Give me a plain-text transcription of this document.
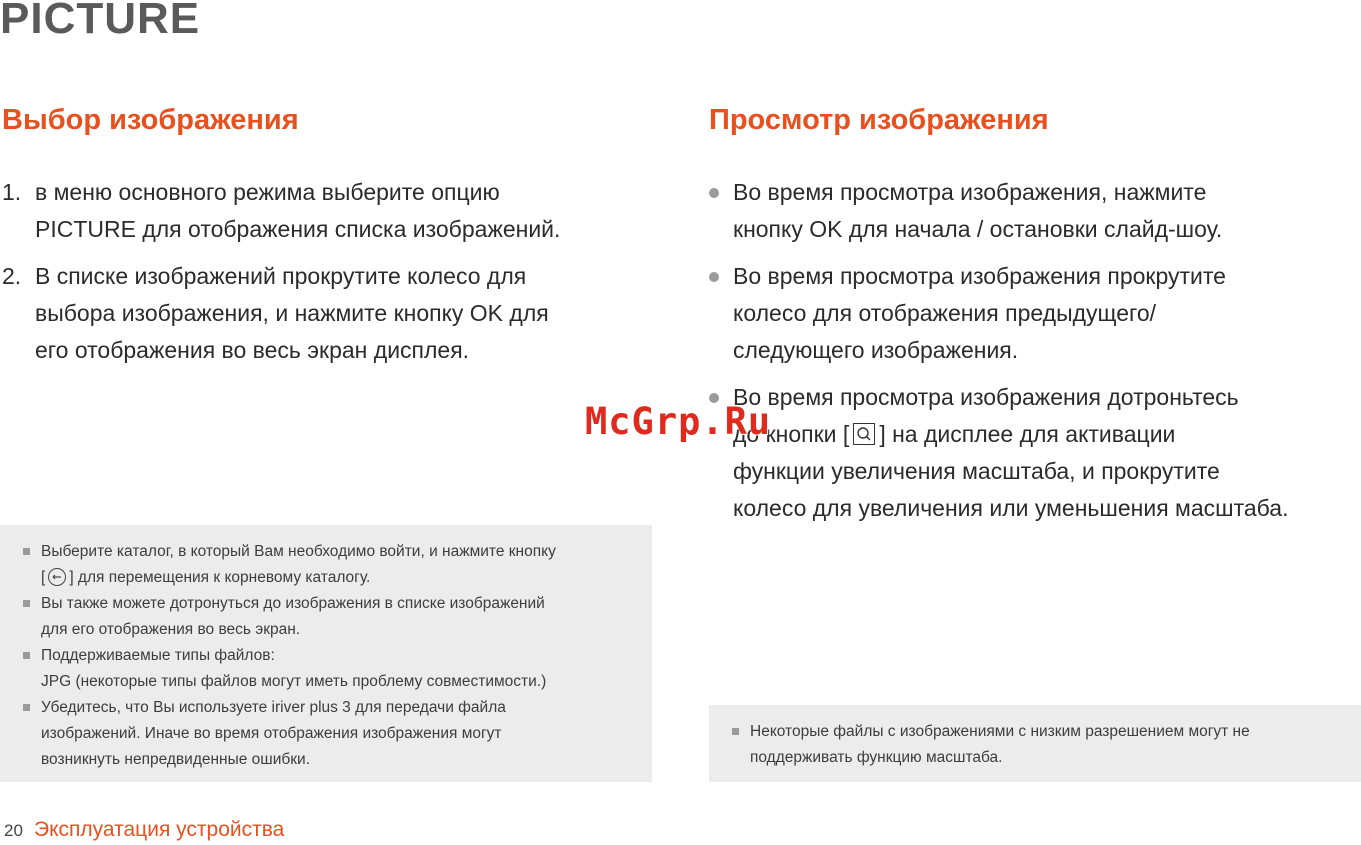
PICTURE
Выбор изображения
1. в меню основного режима выберите опцию
PICTURE для отображения списка изображений.
2. В списке изображений прокрутите колесо для
выбора изображения, и нажмите кнопку OK для
его отображения во весь экран дисплея.
Выберите каталог, в который Вам необходимо войти, и нажмите кнопку
[ ] для перемещения к корневому каталогу.
Вы также можете дотронуться до изображения в списке изображений
для его отображения во весь экран.
Поддерживаемые типы файлов:
JPG (некоторые типы файлов могут иметь проблему совместимости.)
Убедитесь, что Вы используете iriver plus 3 для передачи файла
изображений. Иначе во время отображения изображения могут
возникнуть непредвиденные ошибки.
Просмотр изображения
Во время просмотра изображения, нажмите
кнопку OK для начала / остановки слайд-шоу.
Во время просмотра изображения прокрутите
колесо для отображения предыдущего/
следующего изображения.
Во время просмотра изображения дотроньтесь
до кнопки [ ] на дисплее для активации
функции увеличения масштаба, и прокрутите
колесо для увеличения или уменьшения масштаба.
Некоторые файлы с изображениями с низким разрешением могут не
поддерживать функцию масштаба.
20 Эксплуатация устройства
McGrp.Ru
